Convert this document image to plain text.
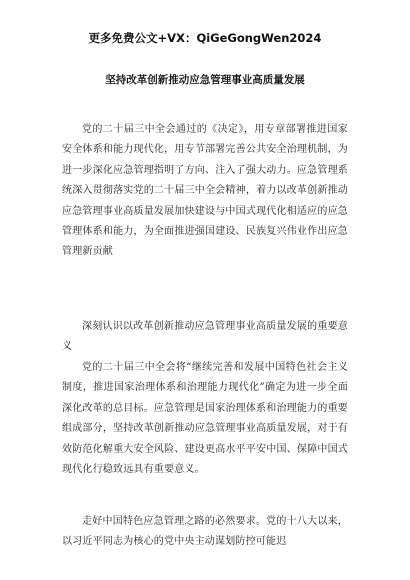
更多免费公文+VX：QiGeGongWen2024
坚持改革创新推动应急管理事业高质量发展

党的二十届三中全会通过的《决定》，用专章部署推进国家安全体系和能力现代化，用专节部署完善公共安全治理机制，为进一步深化应急管理指明了方向、注入了强大动力。应急管理系统深入贯彻落实党的二十届三中全会精神，着力以改革创新推动应急管理事业高质量发展加快建设与中国式现代化相适应的应急管理体系和能力，为全面推进强国建设、民族复兴伟业作出应急管理新贡献

深刻认识以改革创新推动应急管理事业高质量发展的重要意义

党的二十届三中全会将“继续完善和发展中国特色社会主义制度，推进国家治理体系和治理能力现代化”确定为进一步全面深化改革的总目标。应急管理是国家治理体系和治理能力的重要组成部分，坚持改革创新推动应急管理事业高质量发展，对于有效防范化解重大安全风险、建设更高水平平安中国、保障中国式现代化行稳致远具有重要意义。

走好中国特色应急管理之路的必然要求。党的十八大以来，以习近平同志为核心的党中央主动谋划防控可能迟
